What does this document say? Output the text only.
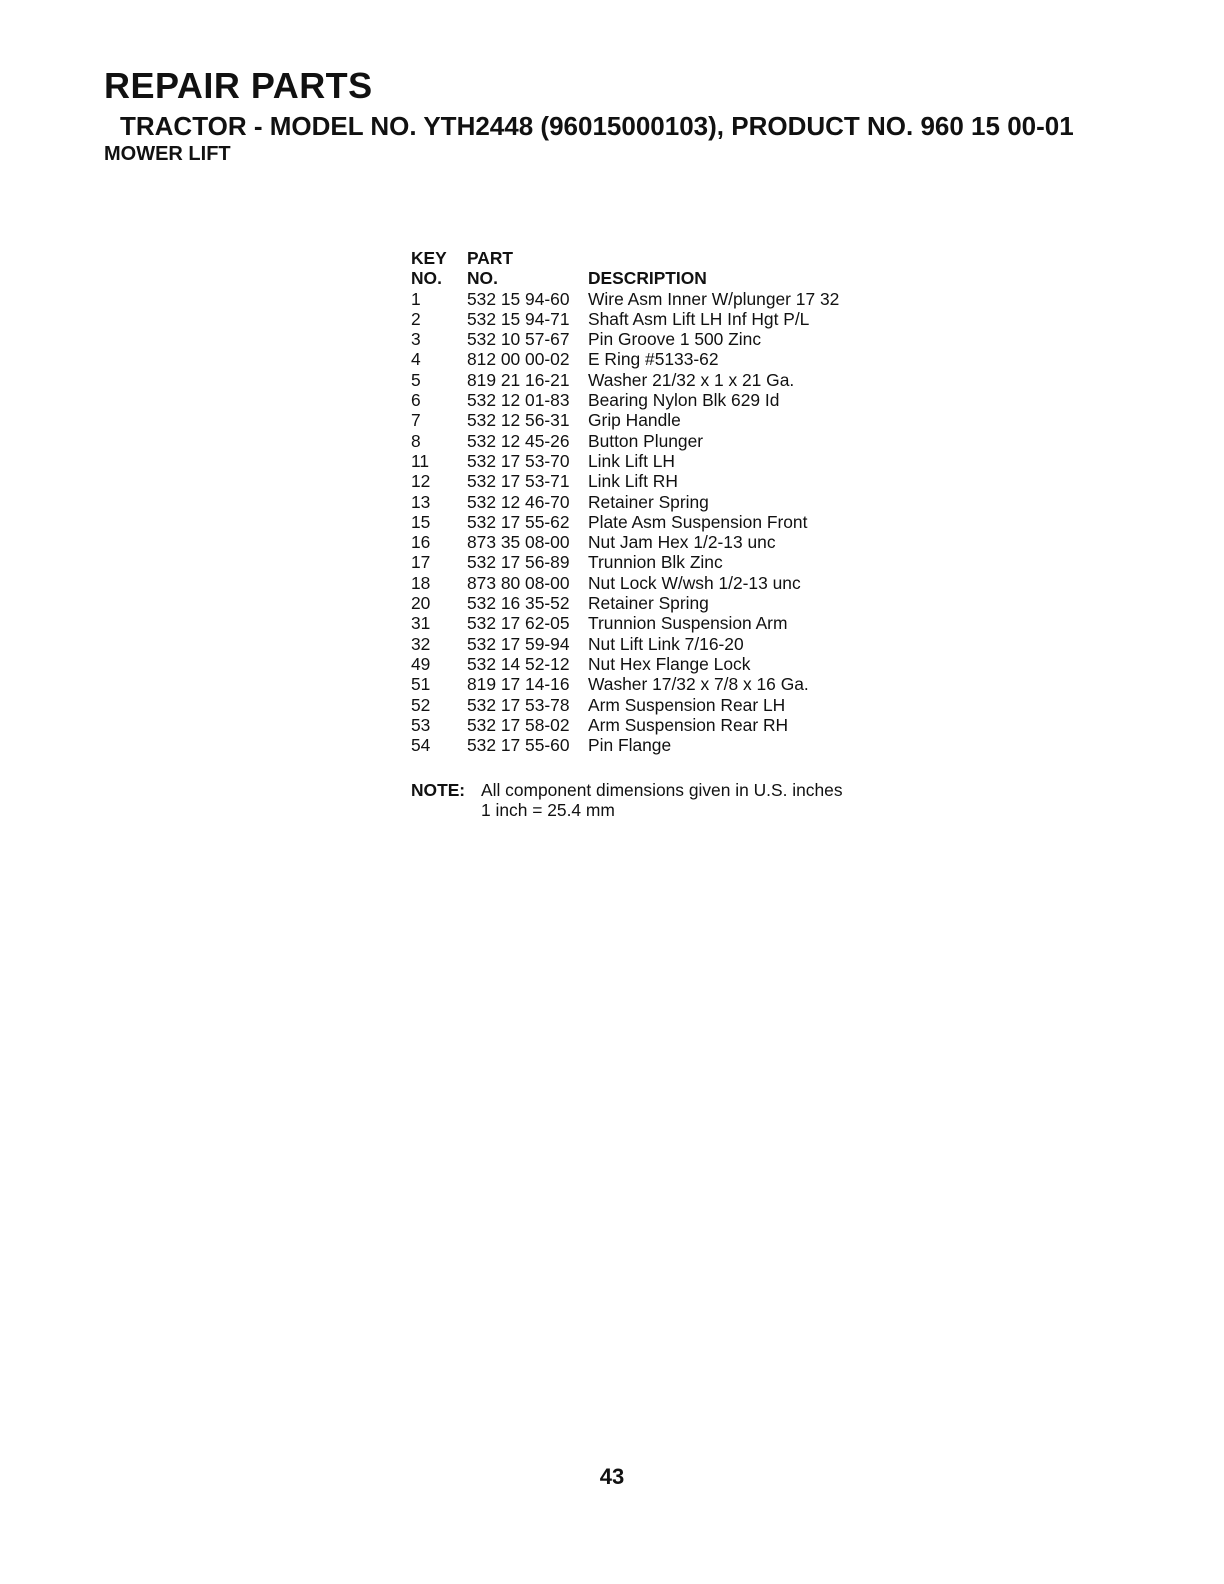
REPAIR PARTS
TRACTOR - MODEL NO. YTH2448 (96015000103), PRODUCT NO. 960 15 00-01
MOWER LIFT
KEY	PART
NO.	NO.	DESCRIPTION
1	532 15 94-60	Wire Asm Inner W/plunger 17 32
2	532 15 94-71	Shaft Asm Lift LH Inf Hgt P/L
3	532 10 57-67	Pin Groove 1 500 Zinc
4	812 00 00-02	E Ring #5133-62
5	819 21 16-21	Washer 21/32 x 1 x 21 Ga.
6	532 12 01-83	Bearing Nylon Blk 629 Id
7	532 12 56-31	Grip Handle
8	532 12 45-26	Button Plunger
11	532 17 53-70	Link Lift LH
12	532 17 53-71	Link Lift RH
13	532 12 46-70	Retainer Spring
15	532 17 55-62	Plate Asm Suspension Front
16	873 35 08-00	Nut Jam Hex 1/2-13 unc
17	532 17 56-89	Trunnion Blk Zinc
18	873 80 08-00	Nut Lock W/wsh 1/2-13 unc
20	532 16 35-52	Retainer Spring
31	532 17 62-05	Trunnion Suspension Arm
32	532 17 59-94	Nut Lift Link 7/16-20
49	532 14 52-12	Nut Hex Flange Lock
51	819 17 14-16	Washer 17/32 x 7/8 x 16 Ga.
52	532 17 53-78	Arm Suspension Rear LH
53	532 17 58-02	Arm Suspension Rear RH
54	532 17 55-60	Pin Flange
NOTE: All component dimensions given in U.S. inches
1 inch = 25.4 mm
43
